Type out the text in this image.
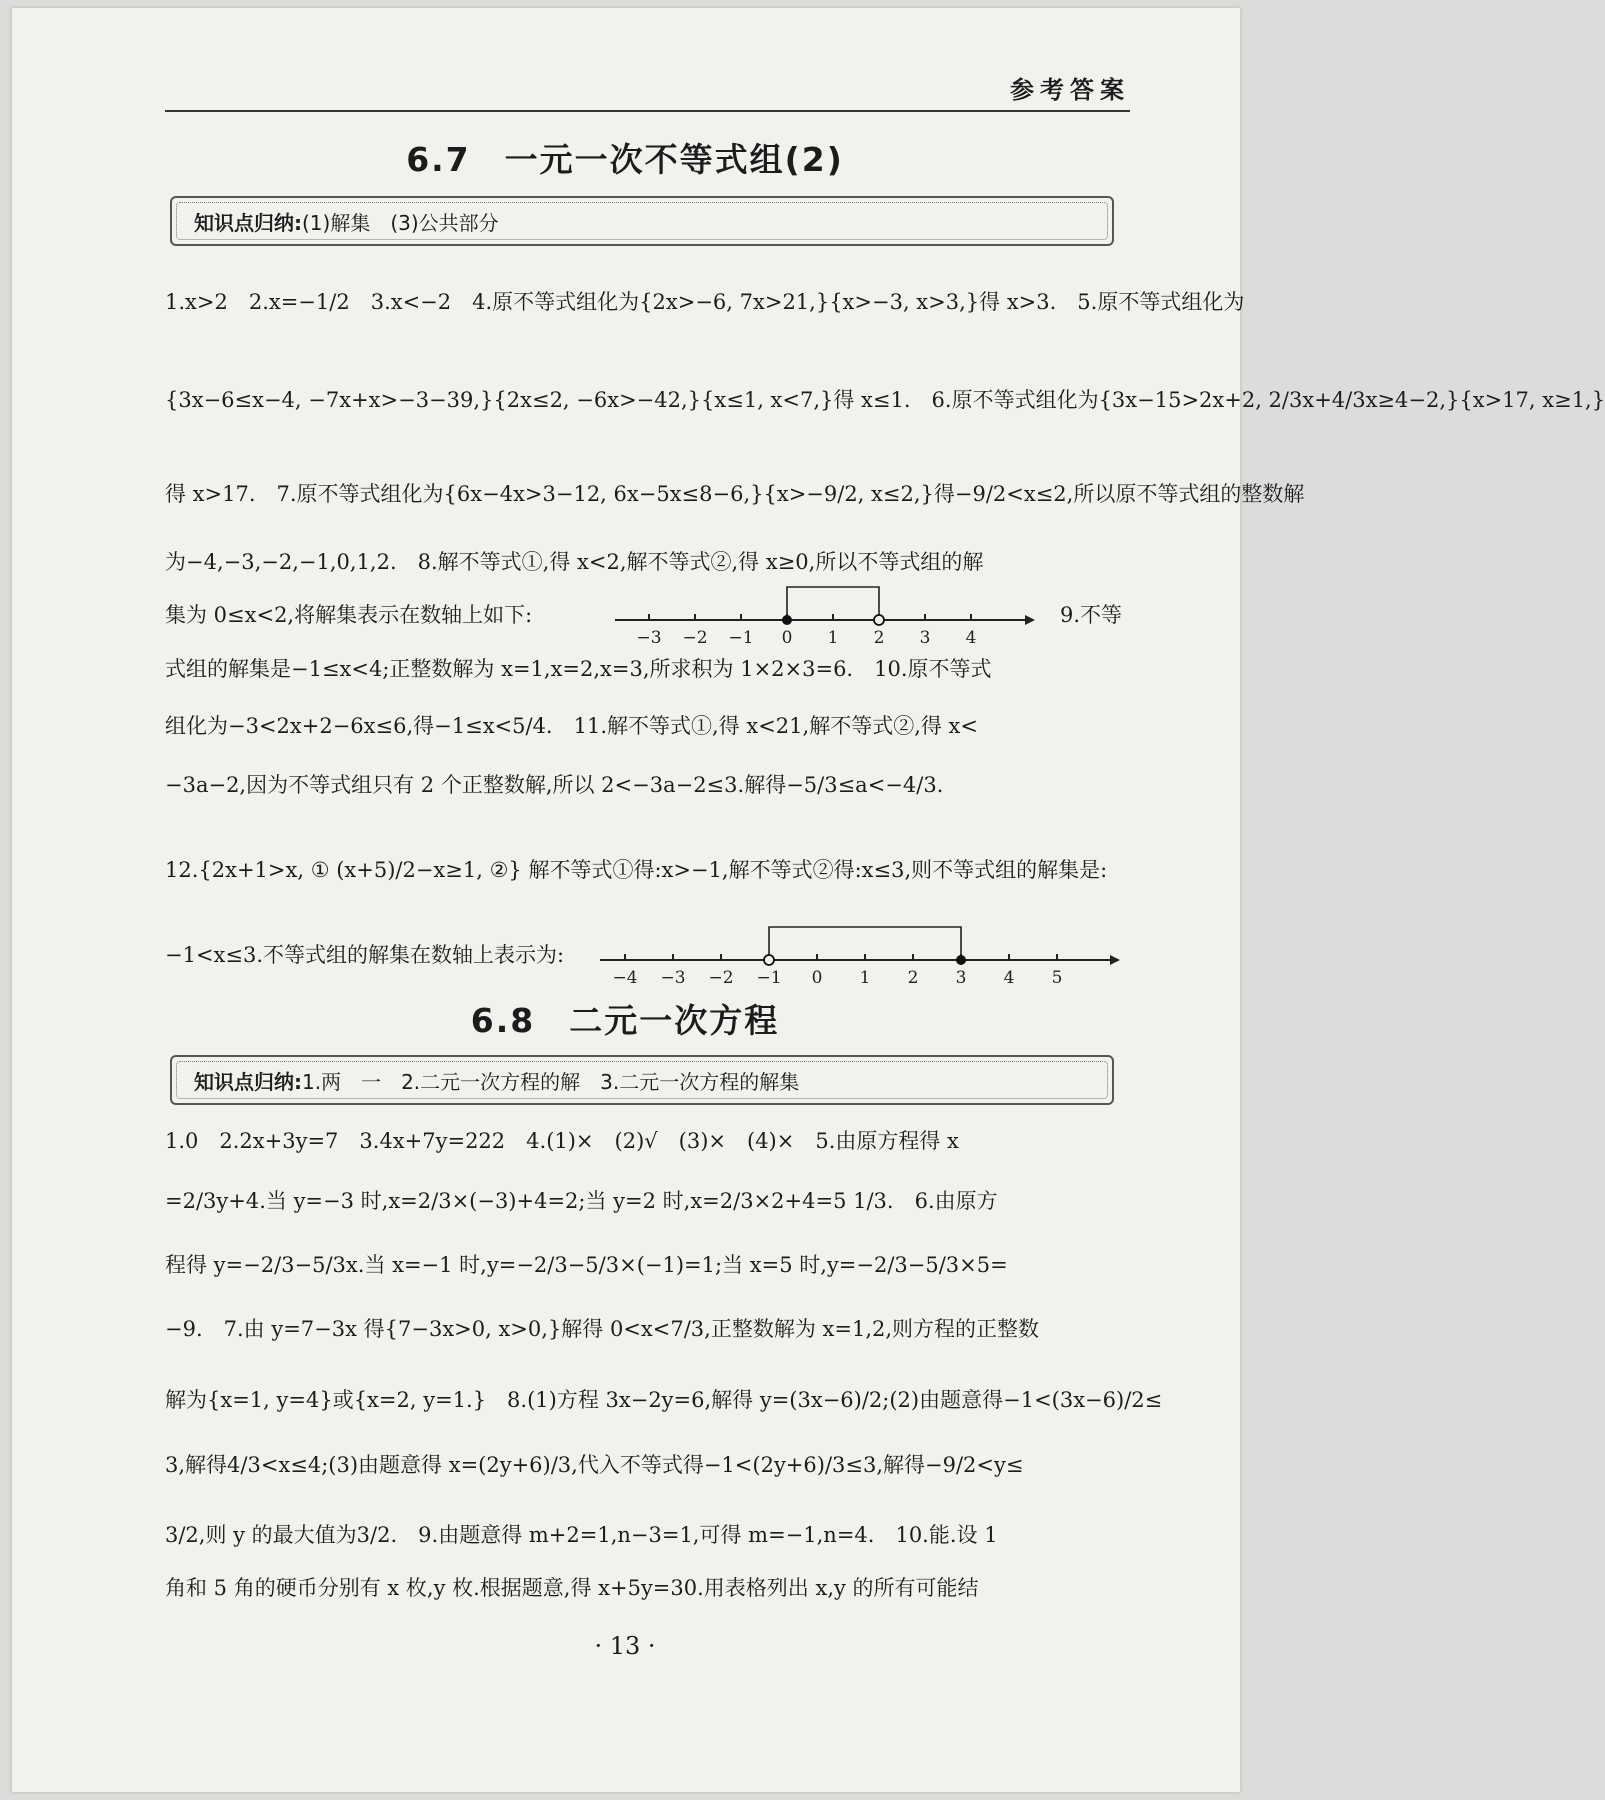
参考答案
6.7 一元一次不等式组(2)
知识点归纳:(1)解集　(3)公共部分
1.x>2　2.x=−1/2　3.x<−2　4.原不等式组化为{2x>−6, 7x>21,}{x>−3, x>3,}得 x>3.　5.原不等式组化为
{3x−6≤x−4, −7x+x>−3−39,}{2x≤2, −6x>−42,}{x≤1, x<7,}得 x≤1.　6.原不等式组化为{3x−15>2x+2, 2/3x+4/3x≥4−2,}{x>17, x≥1,}
得 x>17.　7.原不等式组化为{6x−4x>3−12, 6x−5x≤8−6,}{x>−9/2, x≤2,}得−9/2<x≤2,所以原不等式组的整数解
为−4,−3,−2,−1,0,1,2.　8.解不等式①,得 x<2,解不等式②,得 x≥0,所以不等式组的解
集为 0≤x<2,将解集表示在数轴上如下:	9.不等
−3 −2 −1 0 1 2 3 4
式组的解集是−1≤x<4;正整数解为 x=1,x=2,x=3,所求积为 1×2×3=6.　10.原不等式
组化为−3<2x+2−6x≤6,得−1≤x<5/4.　11.解不等式①,得 x<21,解不等式②,得 x<
−3a−2,因为不等式组只有 2 个正整数解,所以 2<−3a−2≤3.解得−5/3≤a<−4/3.
12.{2x+1>x, ① (x+5)/2−x≥1, ②} 解不等式①得:x>−1,解不等式②得:x≤3,则不等式组的解集是:
−1<x≤3.不等式组的解集在数轴上表示为:
−4 −3 −2 −1 0 1 2 3 4 5
6.8 二元一次方程
知识点归纳:1.两　一　2.二元一次方程的解　3.二元一次方程的解集
1.0　2.2x+3y=7　3.4x+7y=222　4.(1)×　(2)√　(3)×　(4)×　5.由原方程得 x
=2/3y+4.当 y=−3 时,x=2/3×(−3)+4=2;当 y=2 时,x=2/3×2+4=5 1/3.　6.由原方
程得 y=−2/3−5/3x.当 x=−1 时,y=−2/3−5/3×(−1)=1;当 x=5 时,y=−2/3−5/3×5=
−9.　7.由 y=7−3x 得{7−3x>0, x>0,}解得 0<x<7/3,正整数解为 x=1,2,则方程的正整数
解为{x=1, y=4}或{x=2, y=1.}　8.(1)方程 3x−2y=6,解得 y=(3x−6)/2;(2)由题意得−1<(3x−6)/2≤
3,解得4/3<x≤4;(3)由题意得 x=(2y+6)/3,代入不等式得−1<(2y+6)/3≤3,解得−9/2<y≤
3/2,则 y 的最大值为3/2.　9.由题意得 m+2=1,n−3=1,可得 m=−1,n=4.　10.能.设 1
角和 5 角的硬币分别有 x 枚,y 枚.根据题意,得 x+5y=30.用表格列出 x,y 的所有可能结
· 13 ·
